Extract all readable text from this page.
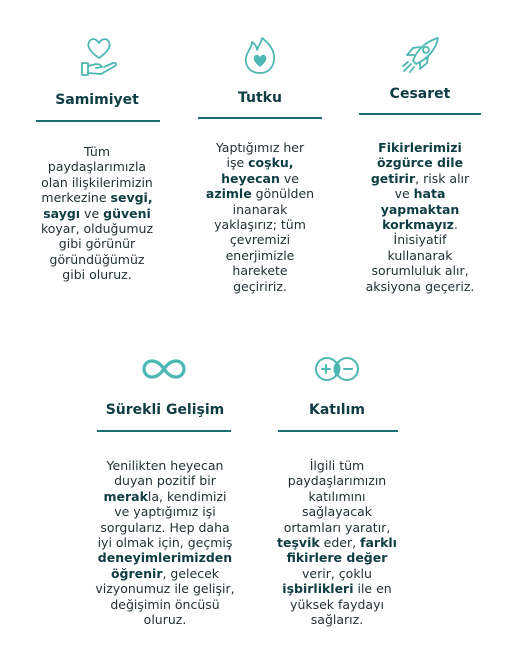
Samimiyet
Tüm
paydaşlarımızla
olan ilişkilerimizin
merkezine sevgi,
saygı ve güveni
koyar, olduğumuz
gibi görünür
göründüğümüz
gibi oluruz.
Tutku
Yaptığımız her
işe coşku,
heyecan ve
azimle gönülden
inanarak
yaklaşırız; tüm
çevremizi
enerjimizle
harekete
geçiririz.
Cesaret
Fikirlerimizi
özgürce dile
getirir, risk alır
ve hata
yapmaktan
korkmayız.
İnisiyatif
kullanarak
sorumluluk alır,
aksiyona geçeriz.
Sürekli Gelişim
Yenilikten heyecan
duyan pozitif bir
merakla, kendimizi
ve yaptığımız işi
sorgularız. Hep daha
iyi olmak için, geçmiş
deneyimlerimizden
öğrenir, gelecek
vizyonumuz ile gelişir,
değişimin öncüsü
oluruz.
Katılım
İlgili tüm
paydaşlarımızın
katılımını
sağlayacak
ortamları yaratır,
teşvik eder, farklı
fikirlere değer
verir, çoklu
işbirlikleri ile en
yüksek faydayı
sağlarız.
